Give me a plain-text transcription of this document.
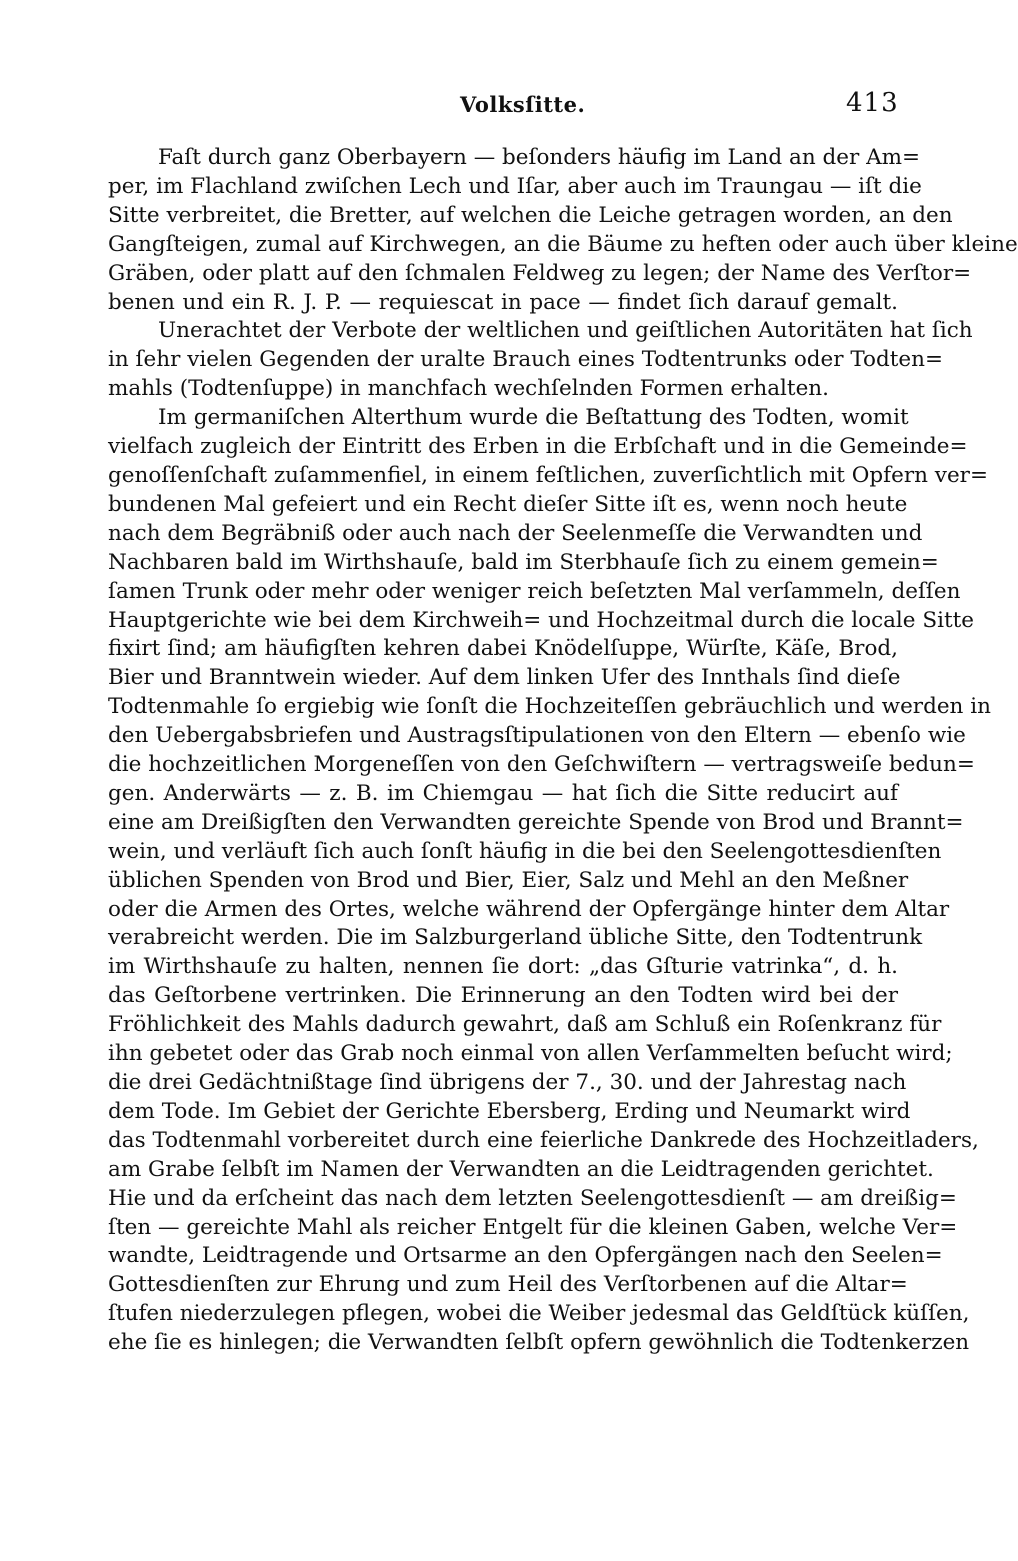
Volksſitte.	413
Faſt durch ganz Oberbayern — beſonders häufig im Land an der Am=
per, im Flachland zwiſchen Lech und Iſar, aber auch im Traungau — iſt die
Sitte verbreitet, die Bretter, auf welchen die Leiche getragen worden, an den
Gangſteigen, zumal auf Kirchwegen, an die Bäume zu heften oder auch über kleine
Gräben, oder platt auf den ſchmalen Feldweg zu legen; der Name des Verſtor=
benen und ein R. J. P. — requiescat in pace — findet ſich darauf gemalt.
Unerachtet der Verbote der weltlichen und geiſtlichen Autoritäten hat ſich
in ſehr vielen Gegenden der uralte Brauch eines Todtentrunks oder Todten=
mahls (Todtenſuppe) in manchfach wechſelnden Formen erhalten.
Im germaniſchen Alterthum wurde die Beſtattung des Todten, womit
vielfach zugleich der Eintritt des Erben in die Erbſchaft und in die Gemeinde=
genoſſenſchaft zuſammenfiel, in einem feſtlichen, zuverſichtlich mit Opfern ver=
bundenen Mal gefeiert und ein Recht dieſer Sitte iſt es, wenn noch heute
nach dem Begräbniß oder auch nach der Seelenmeſſe die Verwandten und
Nachbaren bald im Wirthshauſe, bald im Sterbhauſe ſich zu einem gemein=
ſamen Trunk oder mehr oder weniger reich beſetzten Mal verſammeln, deſſen
Hauptgerichte wie bei dem Kirchweih= und Hochzeitmal durch die locale Sitte
fixirt ſind; am häufigſten kehren dabei Knödelſuppe, Würſte, Käſe, Brod,
Bier und Branntwein wieder. Auf dem linken Ufer des Innthals ſind dieſe
Todtenmahle ſo ergiebig wie ſonſt die Hochzeiteſſen gebräuchlich und werden in
den Uebergabsbriefen und Austragsſtipulationen von den Eltern — ebenſo wie
die hochzeitlichen Morgeneſſen von den Geſchwiſtern — vertragsweiſe bedun=
gen. Anderwärts — z. B. im Chiemgau — hat ſich die Sitte reducirt auf
eine am Dreißigſten den Verwandten gereichte Spende von Brod und Brannt=
wein, und verläuft ſich auch ſonſt häufig in die bei den Seelengottesdienſten
üblichen Spenden von Brod und Bier, Eier, Salz und Mehl an den Meßner
oder die Armen des Ortes, welche während der Opfergänge hinter dem Altar
verabreicht werden. Die im Salzburgerland übliche Sitte, den Todtentrunk
im Wirthshauſe zu halten, nennen ſie dort: „das Gſturie vatrinka“, d. h.
das Geſtorbene vertrinken. Die Erinnerung an den Todten wird bei der
Fröhlichkeit des Mahls dadurch gewahrt, daß am Schluß ein Roſenkranz für
ihn gebetet oder das Grab noch einmal von allen Verſammelten beſucht wird;
die drei Gedächtnißtage ſind übrigens der 7., 30. und der Jahrestag nach
dem Tode. Im Gebiet der Gerichte Ebersberg, Erding und Neumarkt wird
das Todtenmahl vorbereitet durch eine feierliche Dankrede des Hochzeitladers,
am Grabe ſelbſt im Namen der Verwandten an die Leidtragenden gerichtet.
Hie und da erſcheint das nach dem letzten Seelengottesdienſt — am dreißig=
ſten — gereichte Mahl als reicher Entgelt für die kleinen Gaben, welche Ver=
wandte, Leidtragende und Ortsarme an den Opfergängen nach den Seelen=
Gottesdienſten zur Ehrung und zum Heil des Verſtorbenen auf die Altar=
ſtufen niederzulegen pflegen, wobei die Weiber jedesmal das Geldſtück küſſen,
ehe ſie es hinlegen; die Verwandten ſelbſt opfern gewöhnlich die Todtenkerzen
